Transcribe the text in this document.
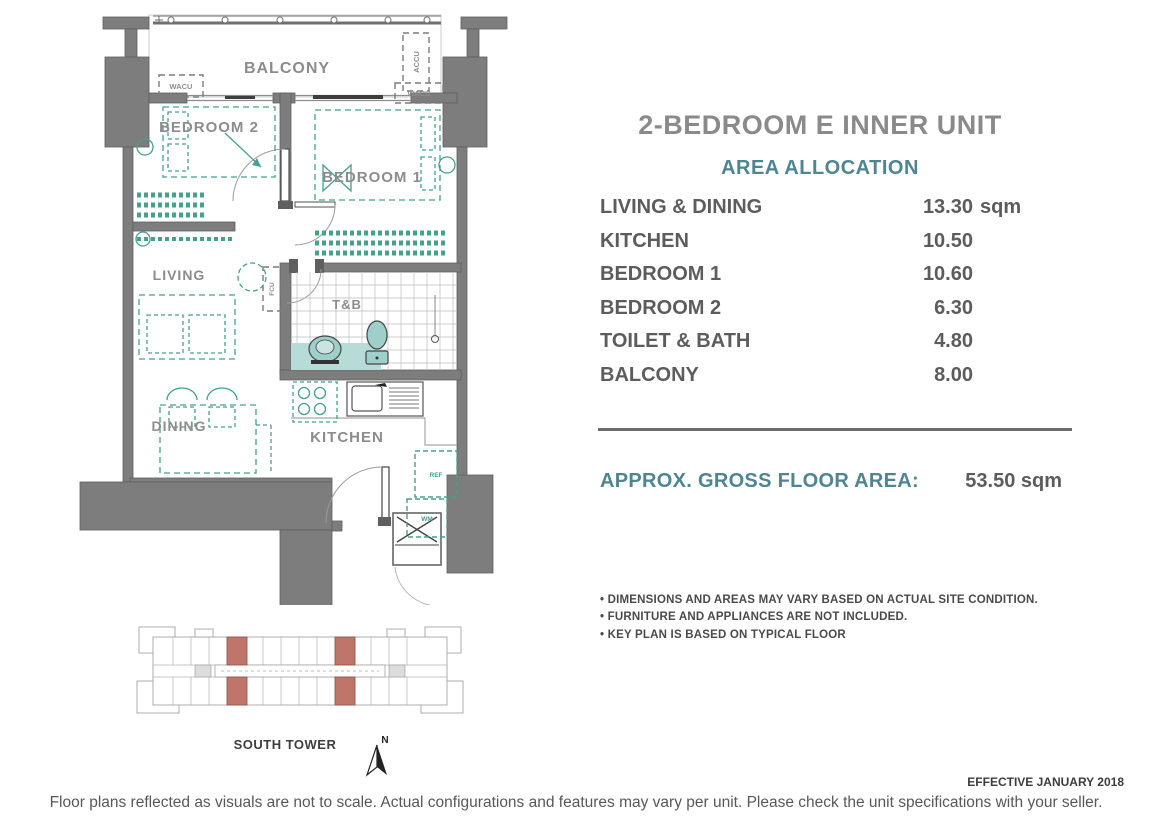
BALCONY
BEDROOM 2
BEDROOM 1
LIVING
T&B
DINING
KITCHEN
WACU
WACU
ACCU
FCU
REF
WM
SOUTH TOWER	N
2-BEDROOM E INNER UNIT
AREA ALLOCATION
LIVING & DINING	13.30 sqm
KITCHEN	10.50
BEDROOM 1	10.60
BEDROOM 2	6.30
TOILET & BATH	4.80
BALCONY	8.00
APPROX. GROSS FLOOR AREA:	53.50 sqm
• DIMENSIONS AND AREAS MAY VARY BASED ON ACTUAL SITE CONDITION.
• FURNITURE AND APPLIANCES ARE NOT INCLUDED.
• KEY PLAN IS BASED ON TYPICAL FLOOR
EFFECTIVE JANUARY 2018
Floor plans reflected as visuals are not to scale. Actual configurations and features may vary per unit. Please check the unit specifications with your seller.
